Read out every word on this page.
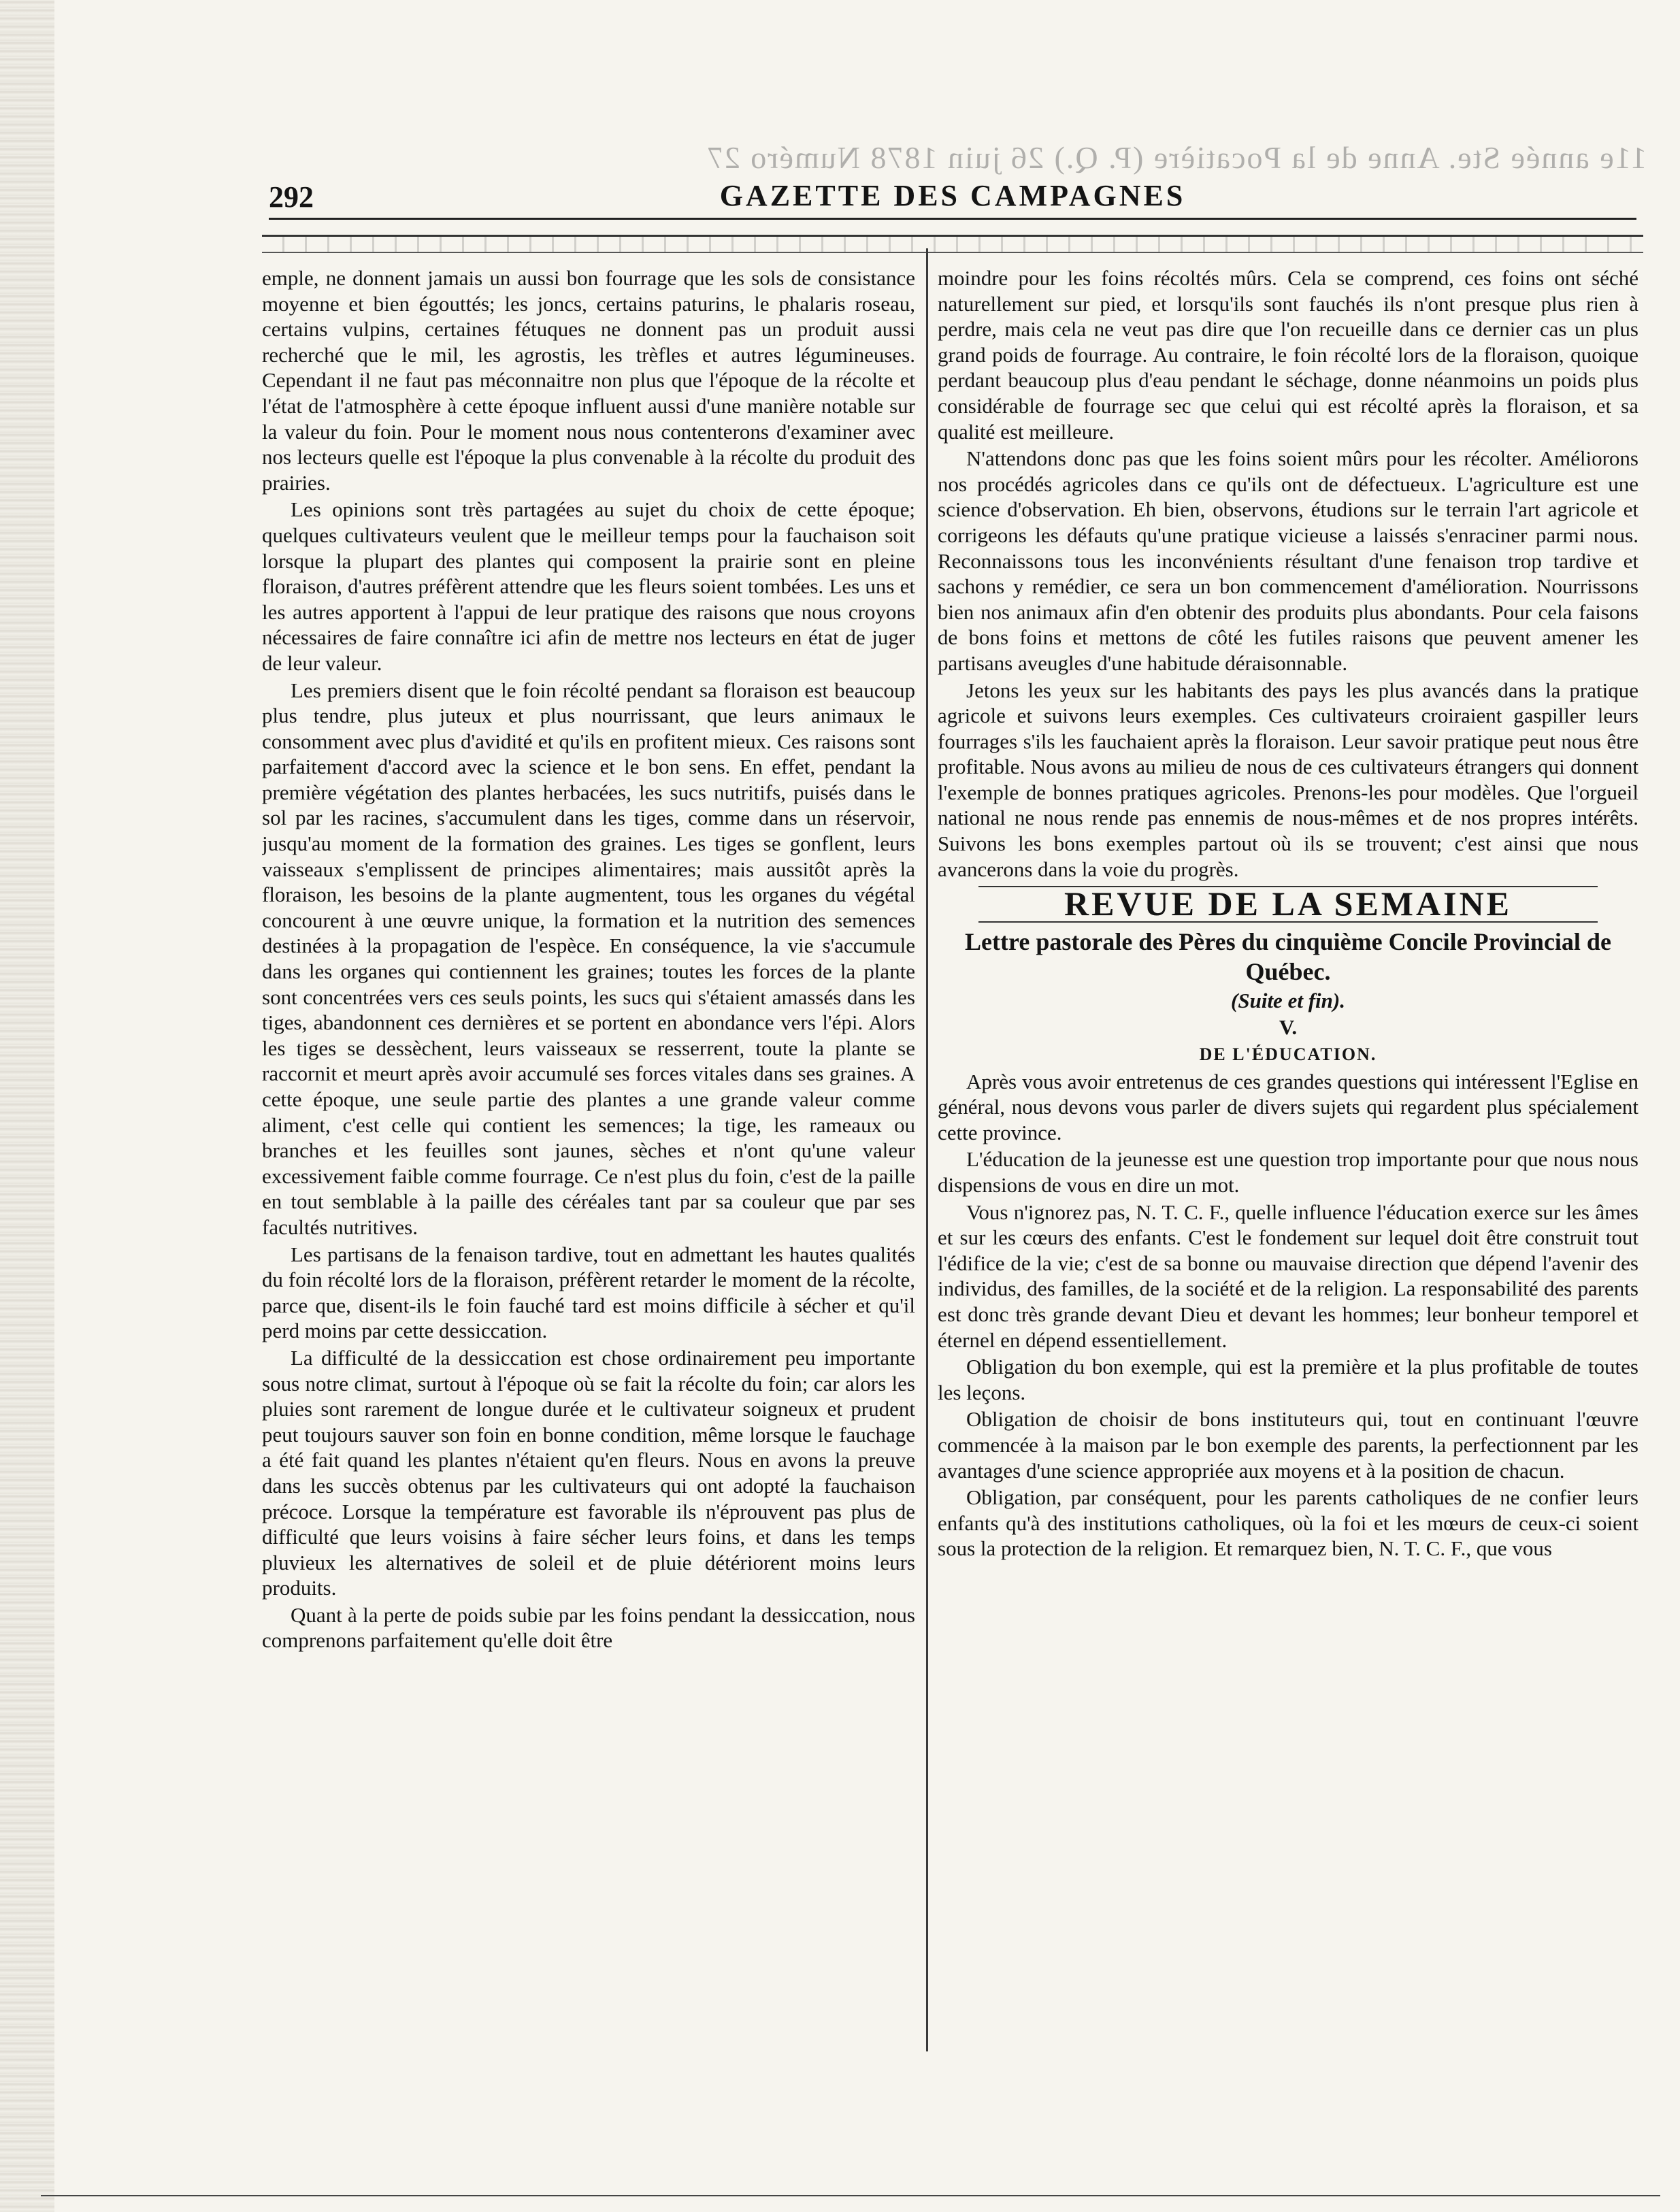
11e année Ste. Anne de la Pocatière (P. Q.) 26 juin 1878 Numéro 27
292	GAZETTE DES CAMPAGNES

emple, ne donnent jamais un aussi bon fourrage que les sols de consistance moyenne et bien égouttés; les joncs, certains paturins, le phalaris roseau, certains vulpins, certaines fétuques ne donnent pas un produit aussi recherché que le mil, les agrostis, les trèfles et autres légumineuses. Cependant il ne faut pas méconnaitre non plus que l'époque de la récolte et l'état de l'atmosphère à cette époque influent aussi d'une manière notable sur la valeur du foin. Pour le moment nous nous contenterons d'examiner avec nos lecteurs quelle est l'époque la plus convenable à la récolte du produit des prairies.

Les opinions sont très partagées au sujet du choix de cette époque; quelques cultivateurs veulent que le meilleur temps pour la fauchaison soit lorsque la plupart des plantes qui composent la prairie sont en pleine floraison, d'autres préfèrent attendre que les fleurs soient tombées. Les uns et les autres apportent à l'appui de leur pratique des raisons que nous croyons nécessaires de faire connaître ici afin de mettre nos lecteurs en état de juger de leur valeur.

Les premiers disent que le foin récolté pendant sa floraison est beaucoup plus tendre, plus juteux et plus nourrissant, que leurs animaux le consomment avec plus d'avidité et qu'ils en profitent mieux. Ces raisons sont parfaitement d'accord avec la science et le bon sens. En effet, pendant la première végétation des plantes herbacées, les sucs nutritifs, puisés dans le sol par les racines, s'accumulent dans les tiges, comme dans un réservoir, jusqu'au moment de la formation des graines. Les tiges se gonflent, leurs vaisseaux s'emplissent de principes alimentaires; mais aussitôt après la floraison, les besoins de la plante augmentent, tous les organes du végétal concourent à une œuvre unique, la formation et la nutrition des semences destinées à la propagation de l'espèce. En conséquence, la vie s'accumule dans les organes qui contiennent les graines; toutes les forces de la plante sont concentrées vers ces seuls points, les sucs qui s'étaient amassés dans les tiges, abandonnent ces dernières et se portent en abondance vers l'épi. Alors les tiges se dessèchent, leurs vaisseaux se resserrent, toute la plante se raccornit et meurt après avoir accumulé ses forces vitales dans ses graines. A cette époque, une seule partie des plantes a une grande valeur comme aliment, c'est celle qui contient les semences; la tige, les rameaux ou branches et les feuilles sont jaunes, sèches et n'ont qu'une valeur excessivement faible comme fourrage. Ce n'est plus du foin, c'est de la paille en tout semblable à la paille des céréales tant par sa couleur que par ses facultés nutritives.

Les partisans de la fenaison tardive, tout en admettant les hautes qualités du foin récolté lors de la floraison, préfèrent retarder le moment de la récolte, parce que, disent-ils le foin fauché tard est moins difficile à sécher et qu'il perd moins par cette dessiccation.

La difficulté de la dessiccation est chose ordinairement peu importante sous notre climat, surtout à l'époque où se fait la récolte du foin; car alors les pluies sont rarement de longue durée et le cultivateur soigneux et prudent peut toujours sauver son foin en bonne condition, même lorsque le fauchage a été fait quand les plantes n'étaient qu'en fleurs. Nous en avons la preuve dans les succès obtenus par les cultivateurs qui ont adopté la fauchaison précoce. Lorsque la température est favorable ils n'éprouvent pas plus de difficulté que leurs voisins à faire sécher leurs foins, et dans les temps pluvieux les alternatives de soleil et de pluie détériorent moins leurs produits.

Quant à la perte de poids subie par les foins pendant la dessiccation, nous comprenons parfaitement qu'elle doit être

moindre pour les foins récoltés mûrs. Cela se comprend, ces foins ont séché naturellement sur pied, et lorsqu'ils sont fauchés ils n'ont presque plus rien à perdre, mais cela ne veut pas dire que l'on recueille dans ce dernier cas un plus grand poids de fourrage. Au contraire, le foin récolté lors de la floraison, quoique perdant beaucoup plus d'eau pendant le séchage, donne néanmoins un poids plus considérable de fourrage sec que celui qui est récolté après la floraison, et sa qualité est meilleure.

N'attendons donc pas que les foins soient mûrs pour les récolter. Améliorons nos procédés agricoles dans ce qu'ils ont de défectueux. L'agriculture est une science d'observation. Eh bien, observons, étudions sur le terrain l'art agricole et corrigeons les défauts qu'une pratique vicieuse a laissés s'enraciner parmi nous. Reconnaissons tous les inconvénients résultant d'une fenaison trop tardive et sachons y remédier, ce sera un bon commencement d'amélioration. Nourrissons bien nos animaux afin d'en obtenir des produits plus abondants. Pour cela faisons de bons foins et mettons de côté les futiles raisons que peuvent amener les partisans aveugles d'une habitude déraisonnable.

Jetons les yeux sur les habitants des pays les plus avancés dans la pratique agricole et suivons leurs exemples. Ces cultivateurs croiraient gaspiller leurs fourrages s'ils les fauchaient après la floraison. Leur savoir pratique peut nous être profitable. Nous avons au milieu de nous de ces cultivateurs étrangers qui donnent l'exemple de bonnes pratiques agricoles. Prenons-les pour modèles. Que l'orgueil national ne nous rende pas ennemis de nous-mêmes et de nos propres intérêts. Suivons les bons exemples partout où ils se trouvent; c'est ainsi que nous avancerons dans la voie du progrès.

REVUE DE LA SEMAINE

Lettre pastorale des Pères du cinquième Concile Provincial de Québec.

(Suite et fin).

V.

DE L'ÉDUCATION.

Après vous avoir entretenus de ces grandes questions qui intéressent l'Eglise en général, nous devons vous parler de divers sujets qui regardent plus spécialement cette province.

L'éducation de la jeunesse est une question trop importante pour que nous nous dispensions de vous en dire un mot.

Vous n'ignorez pas, N. T. C. F., quelle influence l'éducation exerce sur les âmes et sur les cœurs des enfants. C'est le fondement sur lequel doit être construit tout l'édifice de la vie; c'est de sa bonne ou mauvaise direction que dépend l'avenir des individus, des familles, de la société et de la religion. La responsabilité des parents est donc très grande devant Dieu et devant les hommes; leur bonheur temporel et éternel en dépend essentiellement.

Obligation du bon exemple, qui est la première et la plus profitable de toutes les leçons.

Obligation de choisir de bons instituteurs qui, tout en continuant l'œuvre commencée à la maison par le bon exemple des parents, la perfectionnent par les avantages d'une science appropriée aux moyens et à la position de chacun.

Obligation, par conséquent, pour les parents catholiques de ne confier leurs enfants qu'à des institutions catholiques, où la foi et les mœurs de ceux-ci soient sous la protection de la religion. Et remarquez bien, N. T. C. F., que vous
